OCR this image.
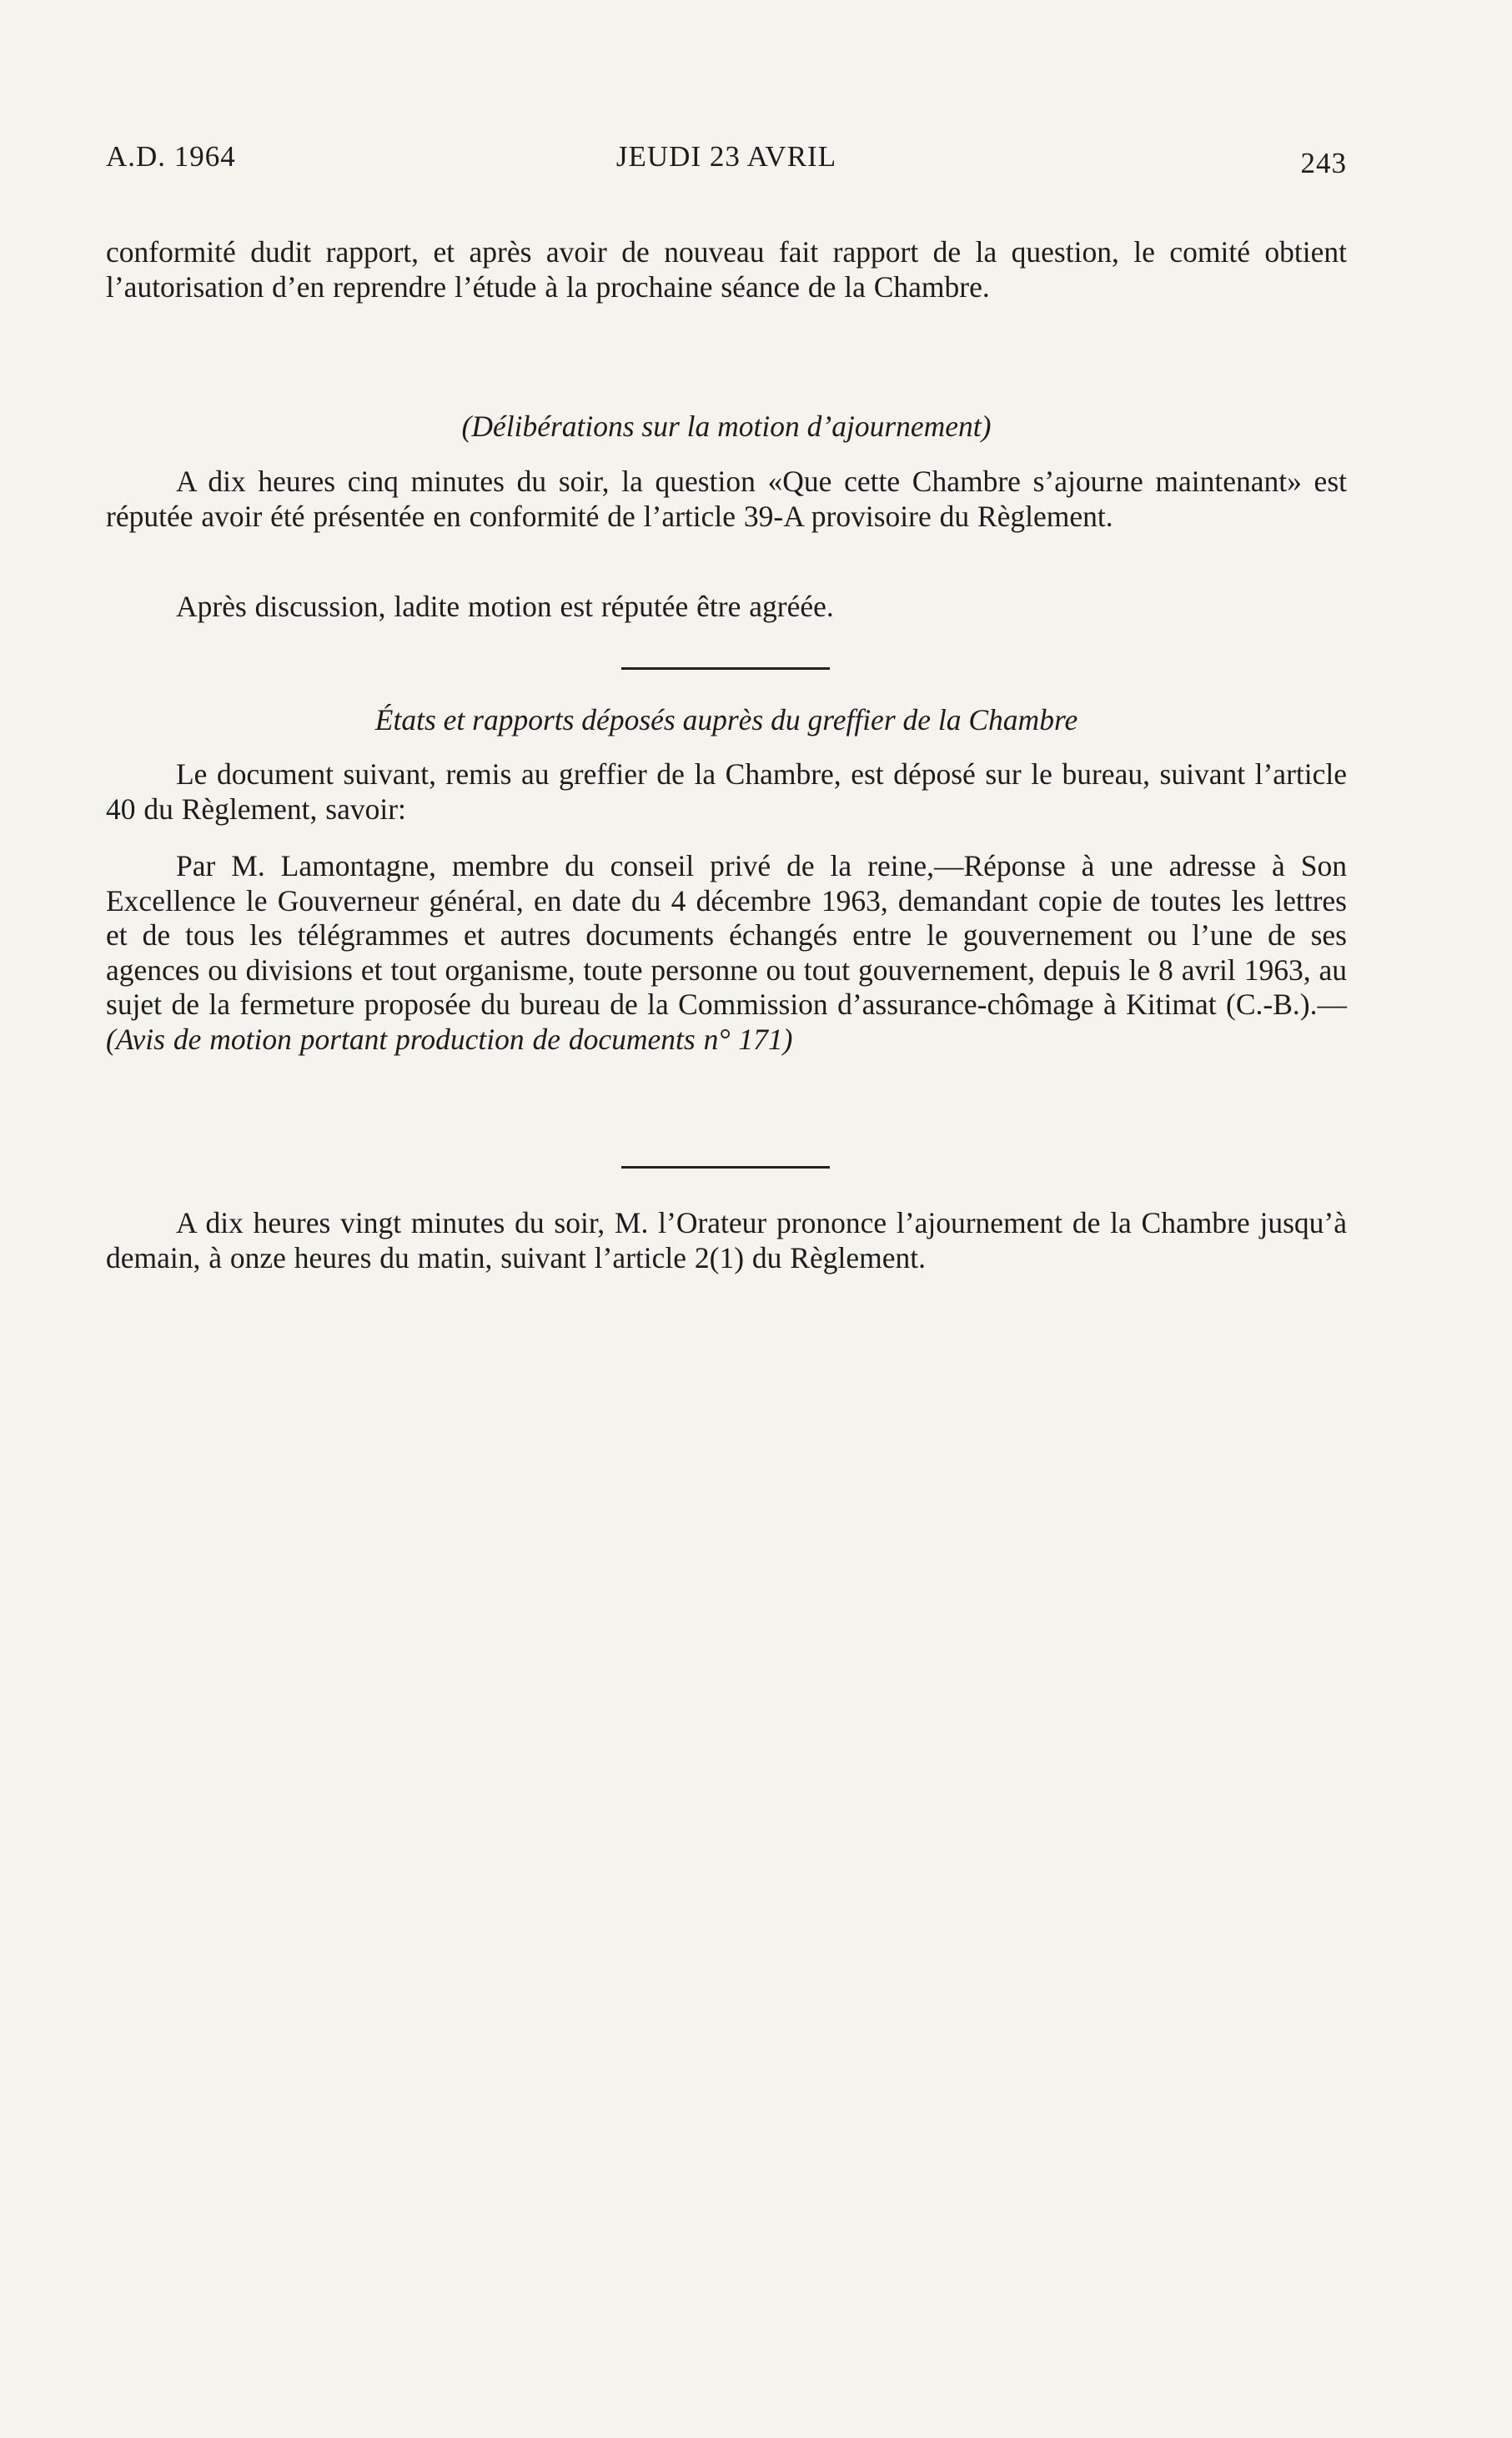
A.D. 1964	JEUDI 23 AVRIL	243

conformité dudit rapport, et après avoir de nouveau fait rapport de la question, le comité obtient l’autorisation d’en reprendre l’étude à la prochaine séance de la Chambre.

(Délibérations sur la motion d’ajournement)

A dix heures cinq minutes du soir, la question «Que cette Chambre s’ajourne maintenant» est réputée avoir été présentée en conformité de l’article 39-A provisoire du Règlement.

Après discussion, ladite motion est réputée être agréée.

États et rapports déposés auprès du greffier de la Chambre

Le document suivant, remis au greffier de la Chambre, est déposé sur le bureau, suivant l’article 40 du Règlement, savoir:

Par M. Lamontagne, membre du conseil privé de la reine,—Réponse à une adresse à Son Excellence le Gouverneur général, en date du 4 décembre 1963, demandant copie de toutes les lettres et de tous les télégrammes et autres documents échangés entre le gouvernement ou l’une de ses agences ou divisions et tout organisme, toute personne ou tout gouvernement, depuis le 8 avril 1963, au sujet de la fermeture proposée du bureau de la Commission d’assurance-chômage à Kitimat (C.-B.).—(Avis de motion portant production de documents n° 171)

A dix heures vingt minutes du soir, M. l’Orateur prononce l’ajournement de la Chambre jusqu’à demain, à onze heures du matin, suivant l’article 2(1) du Règlement.
